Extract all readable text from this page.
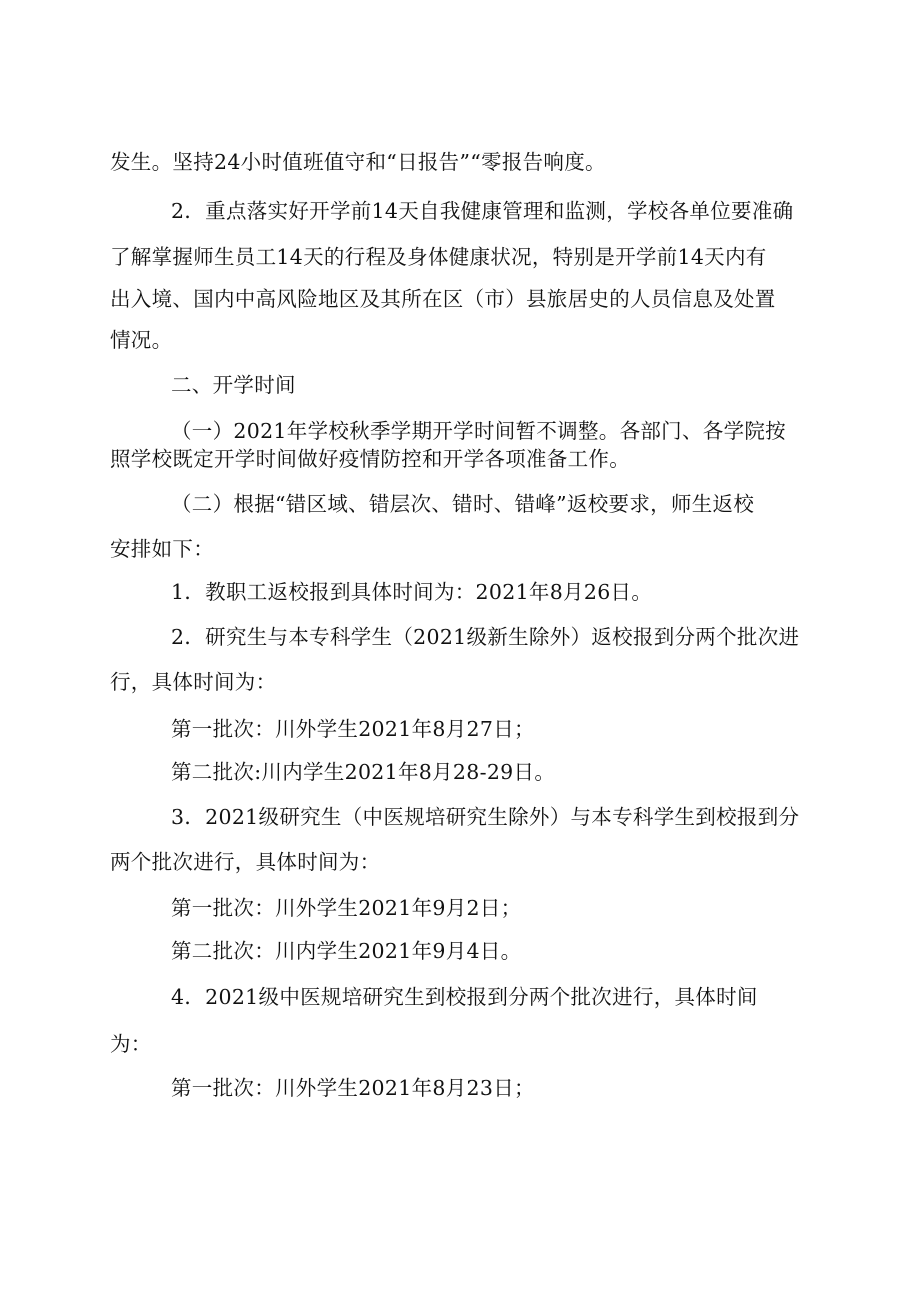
发生。坚持24小时值班值守和“日报告”“零报告响度。
2．重点落实好开学前14天自我健康管理和监测，学校各单位要准确
了解掌握师生员工14天的行程及身体健康状况，特别是开学前14天内有
出入境、国内中高风险地区及其所在区（市）县旅居史的人员信息及处置
情况。
二、开学时间
（一）2021年学校秋季学期开学时间暂不调整。各部门、各学院按
照学校既定开学时间做好疫情防控和开学各项准备工作。
（二）根据“错区域、错层次、错时、错峰”返校要求，师生返校
安排如下：
1．教职工返校报到具体时间为：2021年8月26日。
2．研究生与本专科学生（2021级新生除外）返校报到分两个批次进
行，具体时间为：
第一批次：川外学生2021年8月27日；
第二批次:川内学生2021年8月28-29日。
3．2021级研究生（中医规培研究生除外）与本专科学生到校报到分
两个批次进行，具体时间为：
第一批次：川外学生2021年9月2日；
第二批次：川内学生2021年9月4日。
4．2021级中医规培研究生到校报到分两个批次进行，具体时间
为：
第一批次：川外学生2021年8月23日；
